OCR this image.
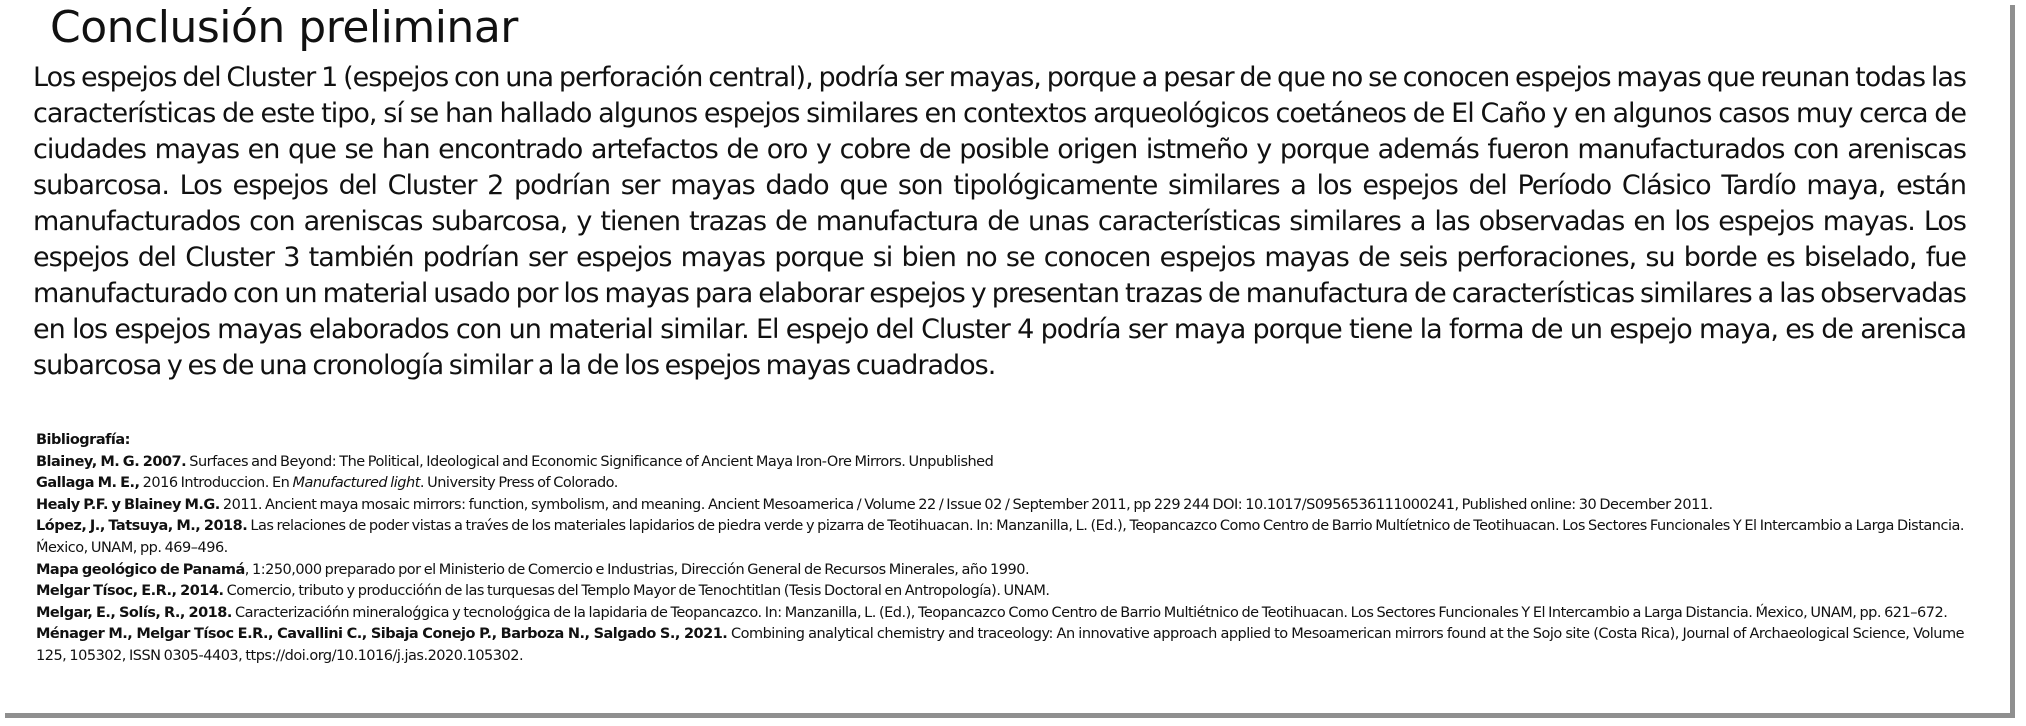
Conclusión preliminar

Los espejos del Cluster 1 (espejos con una perforación central), podría ser mayas, porque a pesar de que no se conocen espejos mayas que reunan todas las características de este tipo, sí se han hallado algunos espejos similares en contextos arqueológicos coetáneos de El Caño y en algunos casos muy cerca de ciudades mayas en que se han encontrado artefactos de oro y cobre de posible origen istmeño y porque además fueron manufacturados con areniscas subarcosa. Los espejos del Cluster 2 podrían ser mayas dado que son tipológicamente similares a los espejos del Período Clásico Tardío maya, están manufacturados con areniscas subarcosa, y tienen trazas de manufactura de unas características similares a las observadas en los espejos mayas. Los espejos del Cluster 3 también podrían ser espejos mayas porque si bien no se conocen espejos mayas de seis perforaciones, su borde es biselado, fue manufacturado con un material usado por los mayas para elaborar espejos y presentan trazas de manufactura de características similares a las observadas en los espejos mayas elaborados con un material similar. El espejo del Cluster 4 podría ser maya porque tiene la forma de un espejo maya, es de arenisca subarcosa y es de una cronología similar a la de los espejos mayas cuadrados.

Bibliografía:

Blainey, M. G. 2007. Surfaces and Beyond: The Political, Ideological and Economic Significance of Ancient Maya Iron-Ore Mirrors. Unpublished

Gallaga M. E., 2016 Introduccion. En Manufactured light. University Press of Colorado.

Healy P.F. y Blainey M.G. 2011. Ancient maya mosaic mirrors: function, symbolism, and meaning. Ancient Mesoamerica / Volume 22 / Issue 02 / September 2011, pp 229 244 DOI: 10.1017/S0956536111000241, Published online: 30 December 2011.

López, J., Tatsuya, M., 2018. Las relaciones de poder vistas a trav́es de los materiales lapidarios de piedra verde y pizarra de Teotihuacan. In: Manzanilla, L. (Ed.), Teopancazco Como Centro de Barrio Multíetnico de Teotihuacan. Los Sectores Funcionales Y El Intercambio a Larga Distancia. Ḿexico, UNAM, pp. 469–496.

Mapa geológico de Panamá, 1:250,000 preparado por el Ministerio de Comercio e Industrias, Dirección General de Recursos Minerales, año 1990.

Melgar Tísoc, E.R., 2014. Comercio, tributo y produccióńn de las turquesas del Templo Mayor de Tenochtitlan (Tesis Doctoral en Antropología). UNAM.

Melgar, E., Solís, R., 2018. Caracterizacióńn mineraloǵgica y tecnoloǵgica de la lapidaria de Teopancazco. In: Manzanilla, L. (Ed.), Teopancazco Como Centro de Barrio Multiétnico de Teotihuacan. Los Sectores Funcionales Y El Intercambio a Larga Distancia. Ḿexico, UNAM, pp. 621–672.

Ménager M., Melgar Tísoc E.R., Cavallini C., Sibaja Conejo P., Barboza N., Salgado S., 2021. Combining analytical chemistry and traceology: An innovative approach applied to Mesoamerican mirrors found at the Sojo site (Costa Rica), Journal of Archaeological Science, Volume 125, 105302, ISSN 0305-4403, ttps://doi.org/10.1016/j.jas.2020.105302.
